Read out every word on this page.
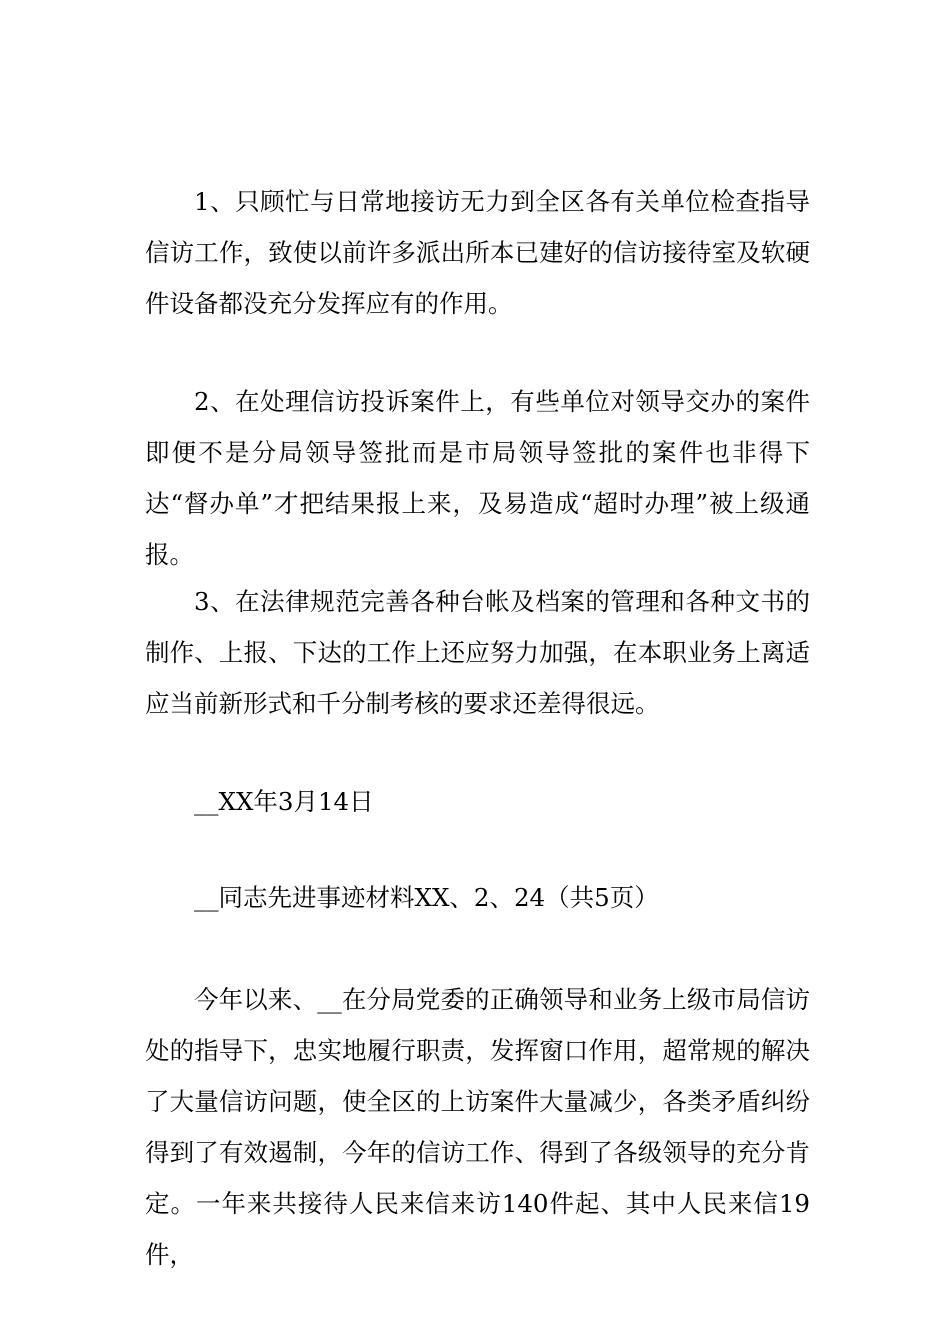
1、只顾忙与日常地接访无力到全区各有关单位检查指导信访工作，致使以前许多派出所本已建好的信访接待室及软硬件设备都没充分发挥应有的作用。

2、在处理信访投诉案件上，有些单位对领导交办的案件即便不是分局领导签批而是市局领导签批的案件也非得下达“督办单”才把结果报上来，及易造成“超时办理”被上级通报。

3、在法律规范完善各种台帐及档案的管理和各种文书的制作、上报、下达的工作上还应努力加强，在本职业务上离适应当前新形式和千分制考核的要求还差得很远。

__XX年3月14日

__同志先进事迹材料XX、2、24（共5页）

今年以来、__在分局党委的正确领导和业务上级市局信访处的指导下，忠实地履行职责，发挥窗口作用，超常规的解决了大量信访问题，使全区的上访案件大量减少，各类矛盾纠纷得到了有效遏制，今年的信访工作、得到了各级领导的充分肯定。一年来共接待人民来信来访140件起、其中人民来信19件，
